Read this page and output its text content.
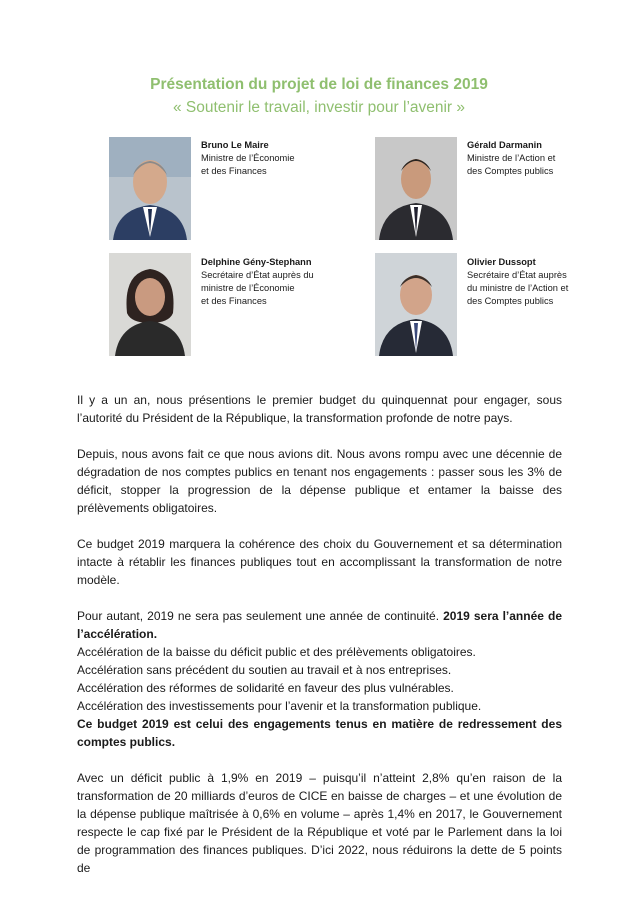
Présentation du projet de loi de finances 2019
« Soutenir le travail, investir pour l’avenir »
Bruno Le Maire
Ministre de l’Économie
et des Finances
Gérald Darmanin
Ministre de l’Action et
des Comptes publics
Delphine Gény-Stephann
Secrétaire d’État auprès du
ministre de l’Économie
et des Finances
Olivier Dussopt
Secrétaire d’État auprès
du ministre de l’Action et
des Comptes publics

Il y a un an, nous présentions le premier budget du quinquennat pour engager, sous l’autorité du Président de la République, la transformation profonde de notre pays.

Depuis, nous avons fait ce que nous avions dit. Nous avons rompu avec une décennie de dégradation de nos comptes publics en tenant nos engagements : passer sous les 3% de déficit, stopper la progression de la dépense publique et entamer la baisse des prélèvements obligatoires.

Ce budget 2019 marquera la cohérence des choix du Gouvernement et sa détermination intacte à rétablir les finances publiques tout en accomplissant la transformation de notre modèle.

Pour autant, 2019 ne sera pas seulement une année de continuité. 2019 sera l’année de l’accélération.

Accélération de la baisse du déficit public et des prélèvements obligatoires.
Accélération sans précédent du soutien au travail et à nos entreprises.
Accélération des réformes de solidarité en faveur des plus vulnérables.
Accélération des investissements pour l’avenir et la transformation publique.

Ce budget 2019 est celui des engagements tenus en matière de redressement des comptes publics.

Avec un déficit public à 1,9% en 2019 – puisqu’il n’atteint 2,8% qu’en raison de la transformation de 20 milliards d’euros de CICE en baisse de charges – et une évolution de la dépense publique maîtrisée à 0,6% en volume – après 1,4% en 2017, le Gouvernement respecte le cap fixé par le Président de la République et voté par le Parlement dans la loi de programmation des finances publiques. D’ici 2022, nous réduirons la dette de 5 points de
